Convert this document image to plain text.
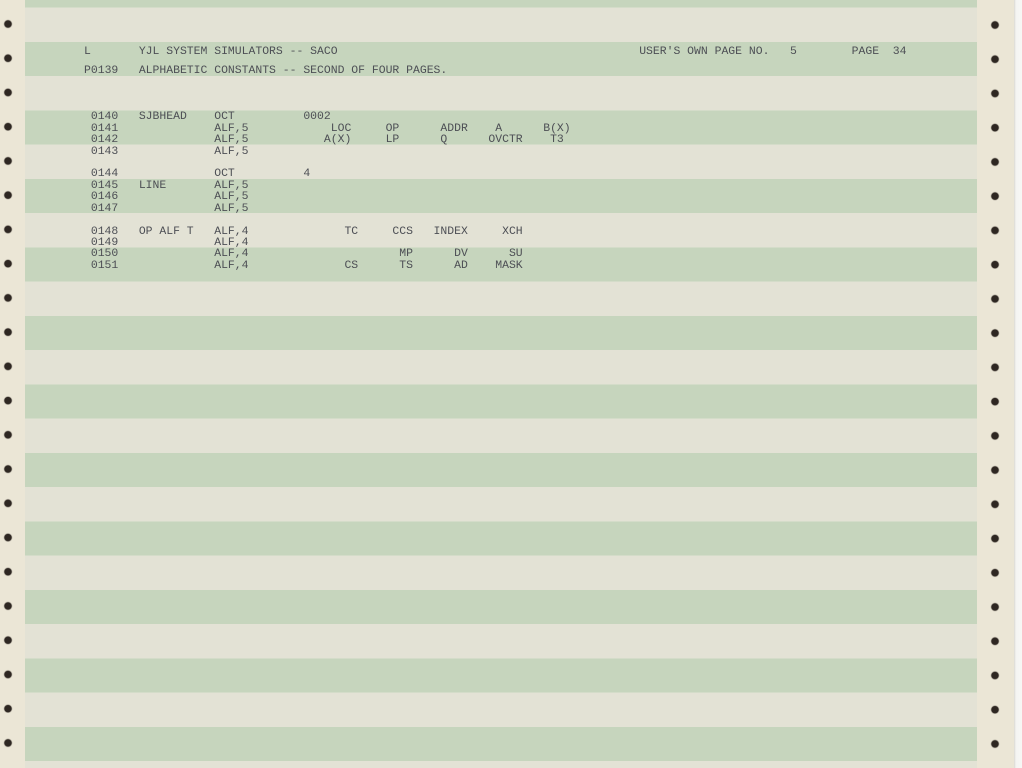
L	YJL SYSTEM SIMULATORS -- SACO	USER'S OWN PAGE NO. 5	PAGE 34
P0139 ALPHABETIC CONSTANTS -- SECOND OF FOUR PAGES.
0140 SJBHEAD OCT	0002
0141	ALF,5	LOC     OP      ADDR    A      B(X)
0142	ALF,5	A(X)     LP      Q      OVCTR    T3
0143	ALF,5
0144	OCT	4
0145 LINE	ALF,5
0146	ALF,5
0147	ALF,5
0148 OP ALF T ALF,4	TC     CCS   INDEX     XCH
0149	ALF,4
0150	ALF,4	MP      DV      SU
0151	ALF,4	CS      TS      AD    MASK
